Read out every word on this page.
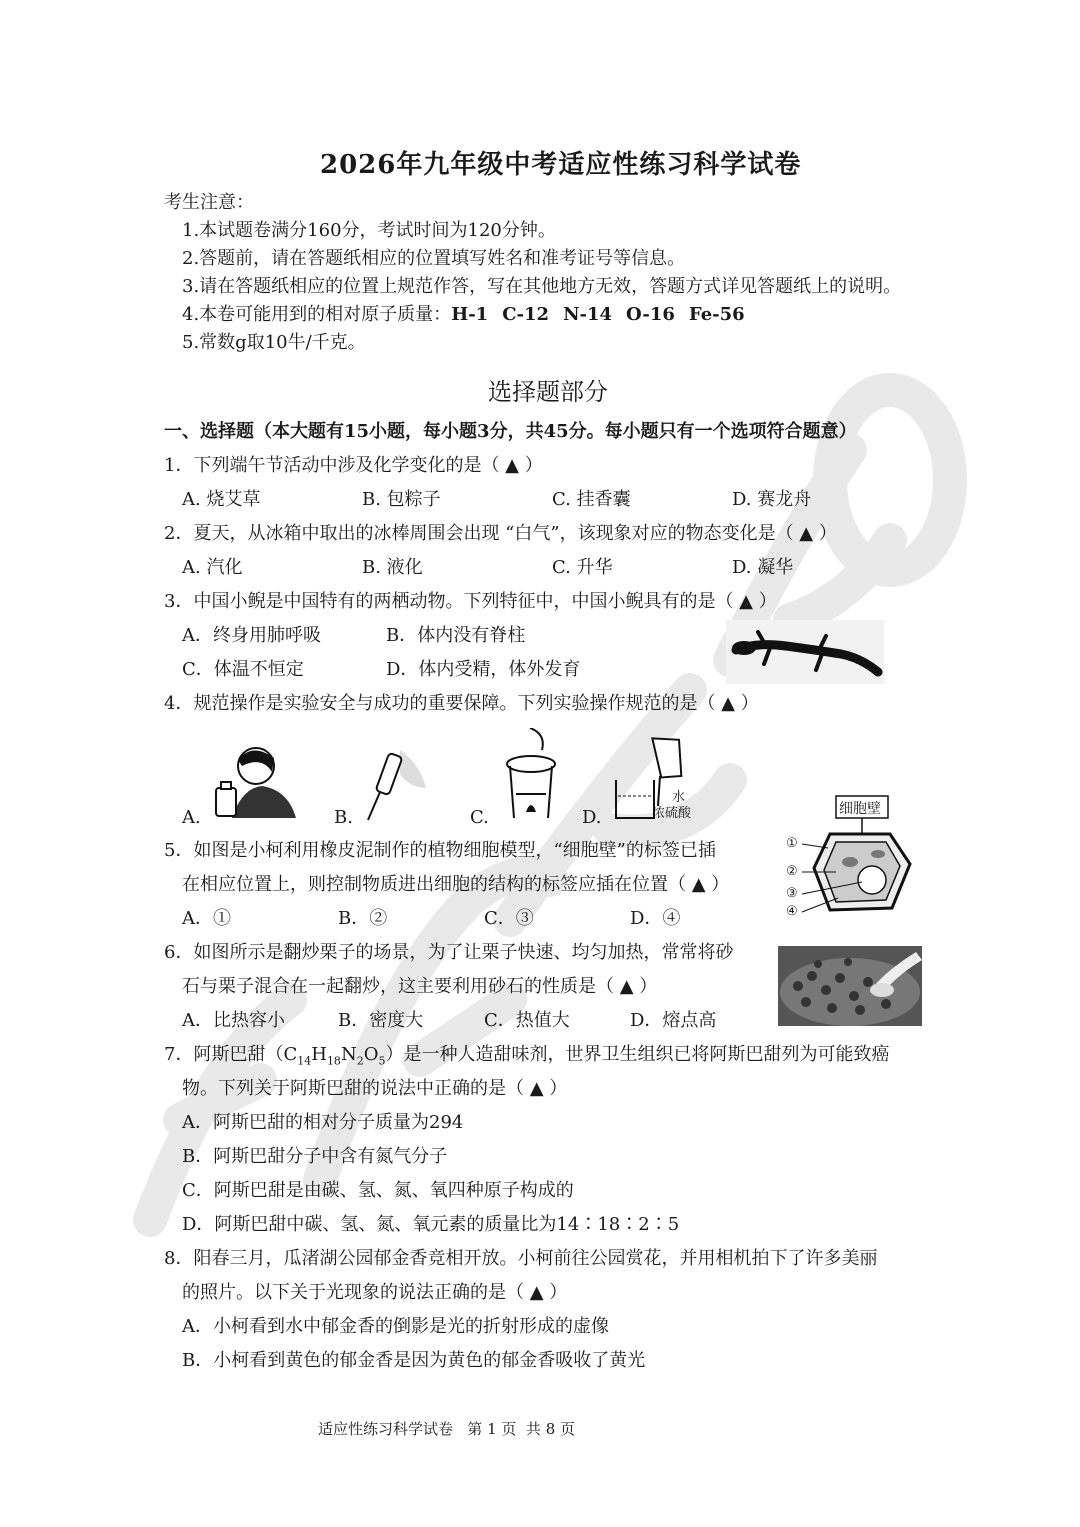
2026年九年级中考适应性练习科学试卷
考生注意：
1.本试题卷满分160分，考试时间为120分钟。
2.答题前，请在答题纸相应的位置填写姓名和准考证号等信息。
3.请在答题纸相应的位置上规范作答，写在其他地方无效，答题方式详见答题纸上的说明。
4.本卷可能用到的相对原子质量：H-1 C-12 N-14 O-16 Fe-56
5.常数g取10牛/千克。
选择题部分
一、选择题（本大题有15小题，每小题3分，共45分。每小题只有一个选项符合题意）
1．下列端午节活动中涉及化学变化的是（ ▲ ）
A. 烧艾草	B. 包粽子	C. 挂香囊	D. 赛龙舟
2．夏天，从冰箱中取出的冰棒周围会出现 “白气”，该现象对应的物态变化是（ ▲ ）
A. 汽化	B. 液化	C. 升华	D. 凝华
3．中国小鲵是中国特有的两栖动物。下列特征中，中国小鲵具有的是（ ▲ ）
A．终身用肺呼吸	B．体内没有脊柱
C．体温不恒定	D．体内受精，体外发育
4．规范操作是实验安全与成功的重要保障。下列实验操作规范的是（ ▲ ）
A.	B.	C.	D.
水
浓硫酸
5．如图是小柯利用橡皮泥制作的植物细胞模型，“细胞壁”的标签已插
在相应位置上，则控制物质进出细胞的结构的标签应插在位置（ ▲ ）
A．①	B．②	C．③	D．④
细胞壁
①
②
③
④
6．如图所示是翻炒栗子的场景，为了让栗子快速、均匀加热，常常将砂
石与栗子混合在一起翻炒，这主要利用砂石的性质是（ ▲ ）
A．比热容小	B．密度大	C．热值大	D．熔点高
7．阿斯巴甜$(C_{14}H_{18}N_2O_5)$是一种人造甜味剂，世界卫生组织已将阿斯巴甜列为可能致癌
物。下列关于阿斯巴甜的说法中正确的是（ ▲ ）
A．阿斯巴甜的相对分子质量为294
B．阿斯巴甜分子中含有氮气分子
C．阿斯巴甜是由碳、氢、氮、氧四种原子构成的
D．阿斯巴甜中碳、氢、氮、氧元素的质量比为14∶18∶2∶5
8．阳春三月，瓜渚湖公园郁金香竞相开放。小柯前往公园赏花，并用相机拍下了许多美丽
的照片。以下关于光现象的说法正确的是（ ▲ ）
A．小柯看到水中郁金香的倒影是光的折射形成的虚像
B．小柯看到黄色的郁金香是因为黄色的郁金香吸收了黄光
适应性练习科学试卷   第 1 页  共 8 页
